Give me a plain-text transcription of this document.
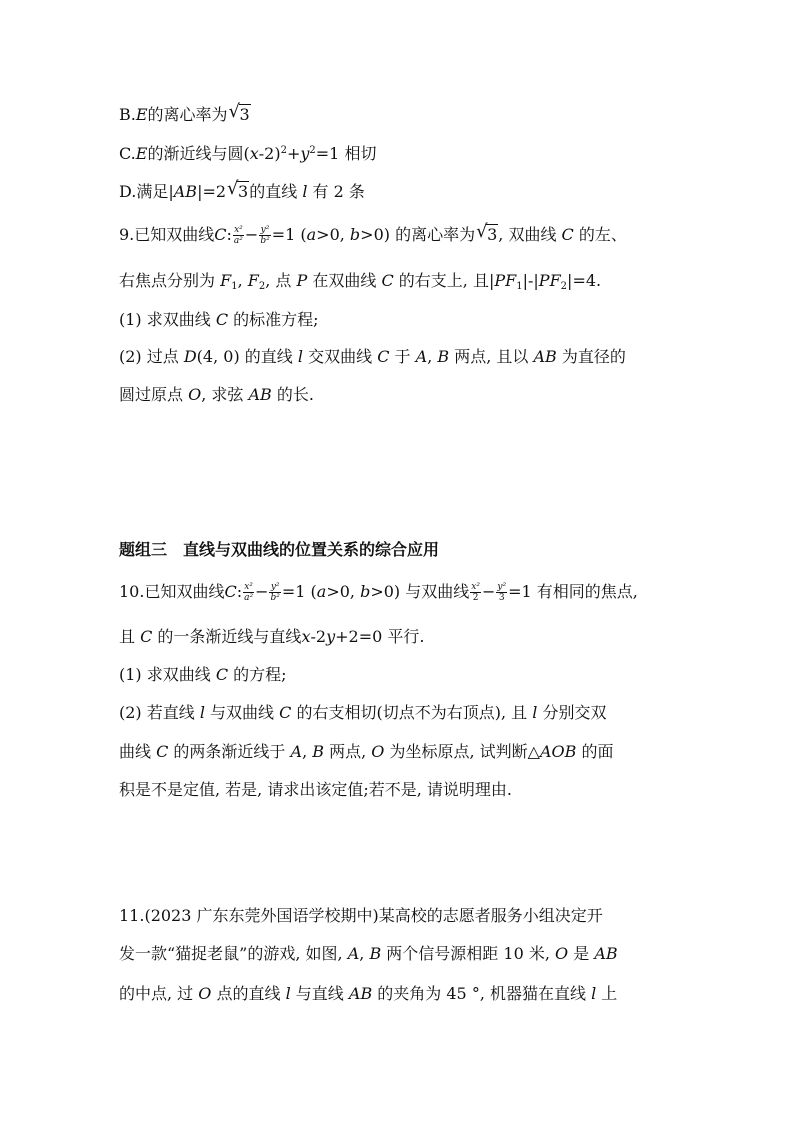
B.E的离心率为 √ 3
C.E的渐近线与圆$(x-2)^2+y^2=1$ 相切
D.满足|AB|=2 √ 3的直线 l 有 2 条
9.已知双曲线C: $\frac{\text{x²}}{\text{a²}} - \frac{\text{y²}}{\text{b²}} =1$ (a>0, b>0) 的离心率为 √ 3, 双曲线 C 的左、
右焦点分别为 $F_1$, $F_2$, 点 P 在双曲线 C 的右支上, 且$|PF_1|-|PF_2|=4$.
(1) 求双曲线 C 的标准方程;
(2) 过点 D(4, 0) 的直线 l 交双曲线 C 于 A, B 两点, 且以 AB 为直径的
圆过原点 O, 求弦 AB 的长.
题组三　直线与双曲线的位置关系的综合应用
10.已知双曲线C: $\frac{\text{x²}}{\text{a²}} - \frac{\text{y²}}{\text{b²}} =1$ (a>0, b>0) 与双曲线 $\frac{\text{x²}}{2} - \frac{\text{y²}}{3} =1$ 有相同的焦点,
且 C 的一条渐近线与直线x-2y+2=0 平行.
(1) 求双曲线 C 的方程;
(2) 若直线 l 与双曲线 C 的右支相切(切点不为右顶点), 且 l 分别交双
曲线 C 的两条渐近线于 A, B 两点, O 为坐标原点, 试判断△AOB 的面
积是不是定值, 若是, 请求出该定值;若不是, 请说明理由.
11.(2023 广东东莞外国语学校期中)某高校的志愿者服务小组决定开
发一款“猫捉老鼠”的游戏, 如图, A, B 两个信号源相距 10 米, O 是 AB
的中点, 过 O 点的直线 l 与直线 AB 的夹角为 45 °, 机器猫在直线 l 上
